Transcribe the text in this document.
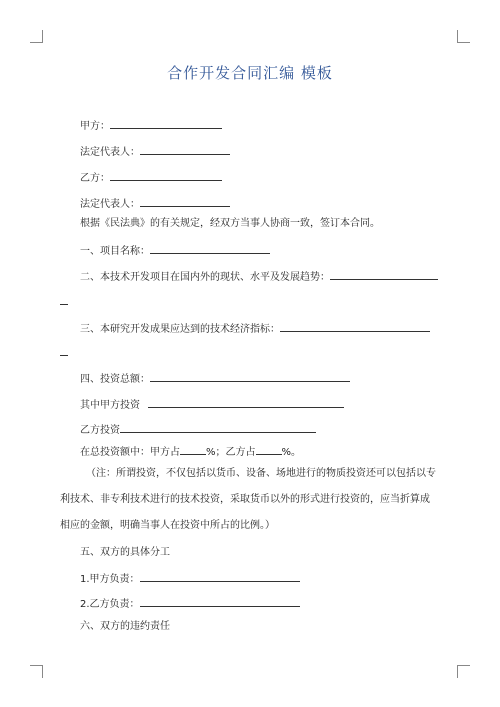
合作开发合同汇编 模板
甲方：
法定代表人：
乙方：
法定代表人：
根据《民法典》的有关规定，经双方当事人协商一致，签订本合同。
一、项目名称：
二、本技术开发项目在国内外的现状、水平及发展趋势：
三、本研究开发成果应达到的技术经济指标：
四、投资总额：
其中甲方投资
乙方投资
在总投资额中：甲方占	%；乙方占	%。
（注：所谓投资，不仅包括以货币、设备、场地进行的物质投资还可以包括以专
利技术、非专利技术进行的技术投资，采取货币以外的形式进行投资的，应当折算成
相应的金额，明确当事人在投资中所占的比例。）
五、双方的具体分工
1.甲方负责：
2.乙方负责：
六、双方的违约责任
